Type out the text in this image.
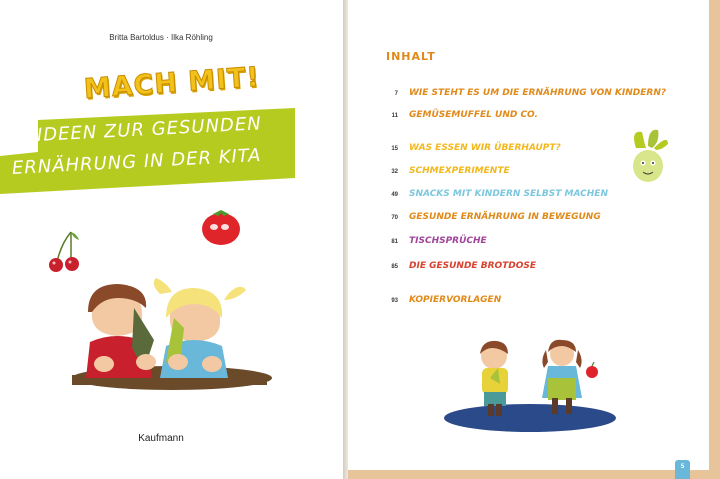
Britta Bartoldus · Ilka Röhling
MACH MIT!
IDEEN ZUR GESUNDEN
ERNÄHRUNG IN DER KITA
Kaufmann
INHALT
7 WIE STEHT ES UM DIE ERNÄHRUNG VON KINDERN?
11 GEMÜSEMUFFEL UND CO.
15 WAS ESSEN WIR ÜBERHAUPT?
32 SCHMEXPERIMENTE
49 SNACKS MIT KINDERN SELBST MACHEN
70 GESUNDE ERNÄHRUNG IN BEWEGUNG
81 TISCHSPRÜCHE
85 DIE GESUNDE BROTDOSE
93 KOPIERVORLAGEN
5
